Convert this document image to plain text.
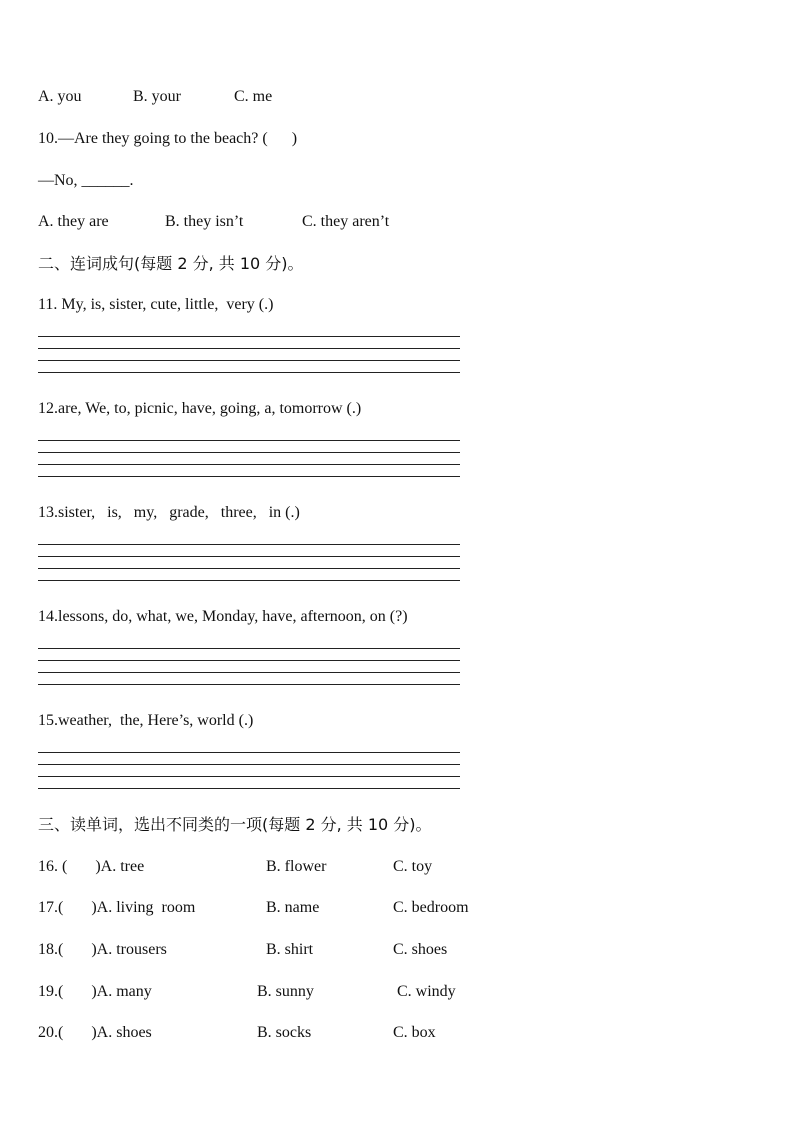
A. you	B. your	C. me
10.—Are they going to the beach? (      )
—No, ______.
A. they are	B. they isn’t	C. they aren’t
二、连词成句(每题 2 分, 共 10 分)。
11. My, is, sister, cute, little,  very (.)
12.are, We, to, picnic, have, going, a, tomorrow (.)
13.sister,   is,   my,   grade,   three,   in (.)
14.lessons, do, what, we, Monday, have, afternoon, on (?)
15.weather,  the, Here’s, world (.)
三、读单词，选出不同类的一项(每题 2 分, 共 10 分)。
16. (       )A. tree	B. flower	C. toy
17.(       )A. living  room	B. name	C. bedroom
18.(       )A. trousers	B. shirt	C. shoes
19.(       )A. many	B. sunny	C. windy
20.(       )A. shoes	B. socks	C. box
